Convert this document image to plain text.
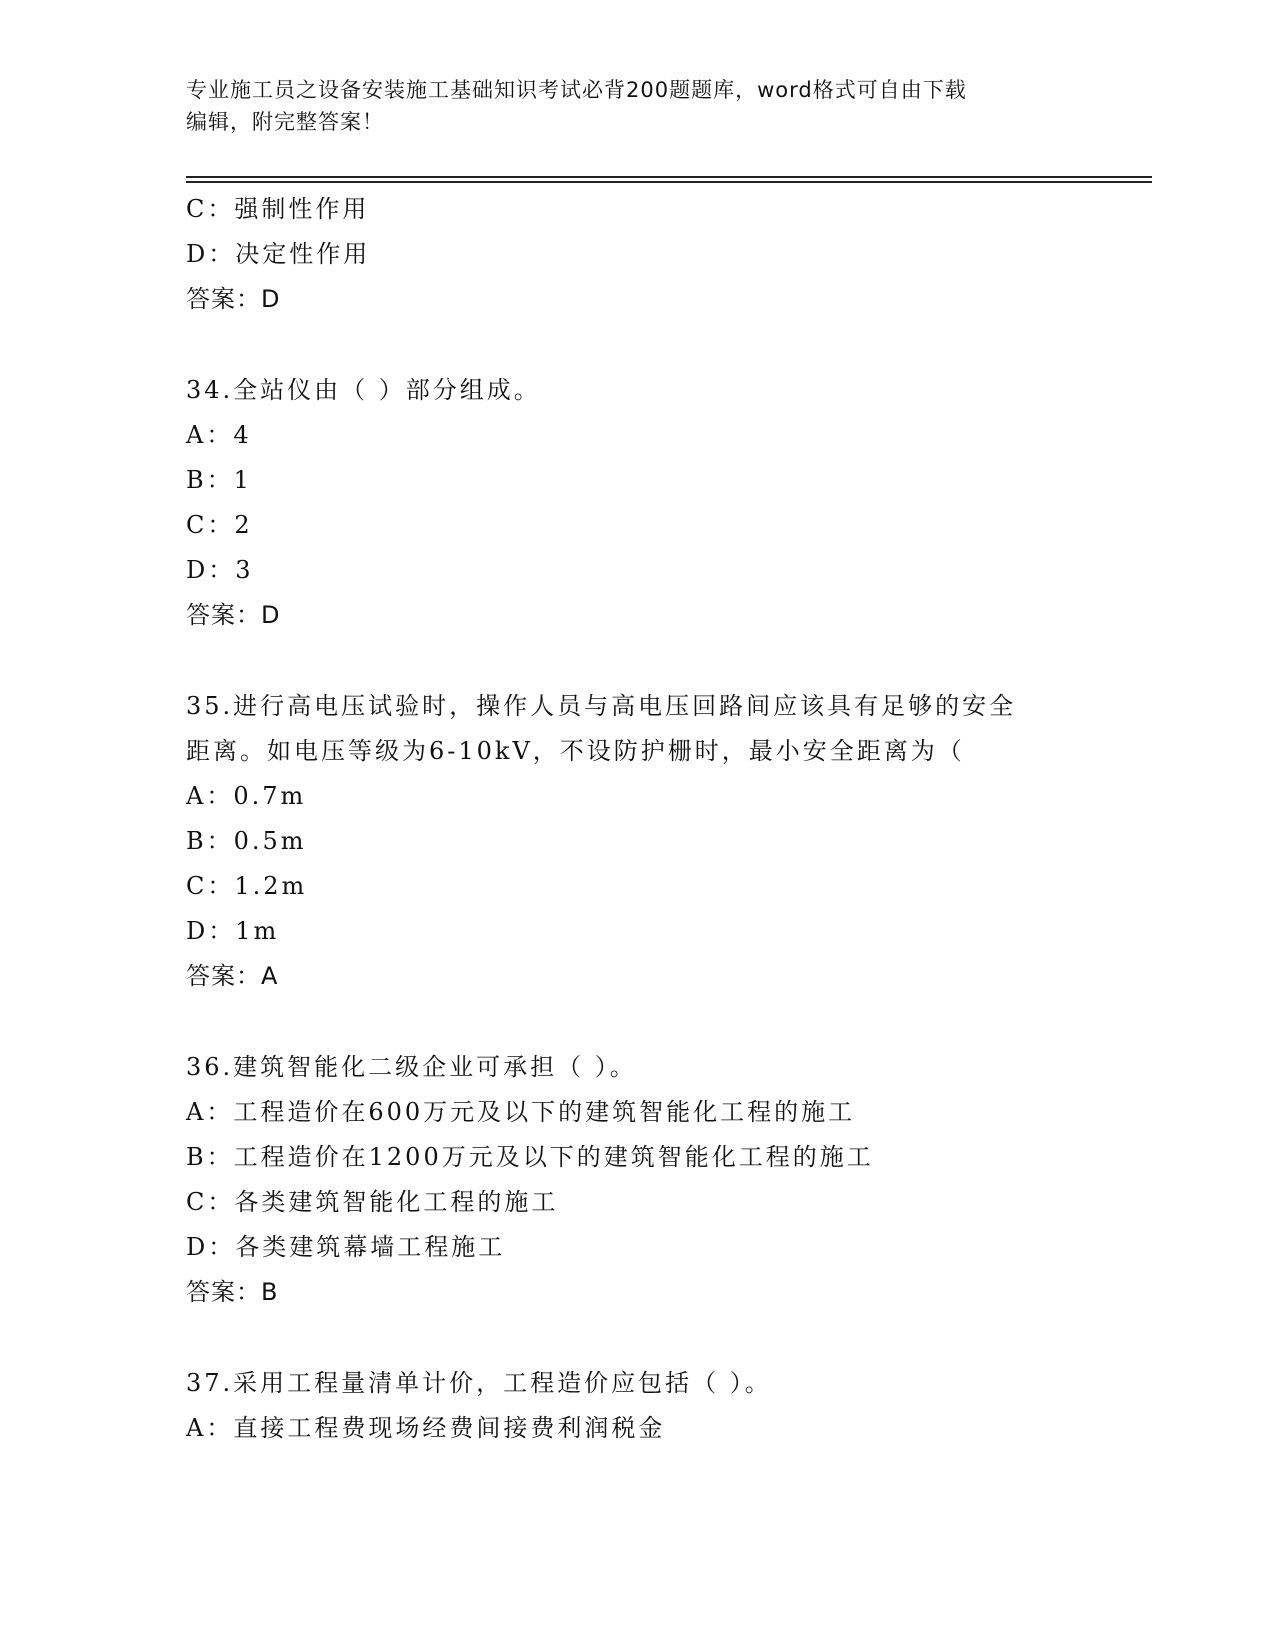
专业施工员之设备安装施工基础知识考试必背200题题库，word格式可自由下载
编辑，附完整答案！
C：强制性作用
D：决定性作用
答案：D
34.全站仪由（ ）部分组成。
A：4
B：1
C：2
D：3
答案：D
35.进行高电压试验时，操作人员与高电压回路间应该具有足够的安全
距离。如电压等级为6-10kV，不设防护栅时，最小安全距离为（
A：0.7m
B：0.5m
C：1.2m
D：1m
答案：A
36.建筑智能化二级企业可承担（ ）。
A：工程造价在600万元及以下的建筑智能化工程的施工
B：工程造价在1200万元及以下的建筑智能化工程的施工
C：各类建筑智能化工程的施工
D：各类建筑幕墙工程施工
答案：B
37.采用工程量清单计价，工程造价应包括（ ）。
A：直接工程费现场经费间接费利润税金
